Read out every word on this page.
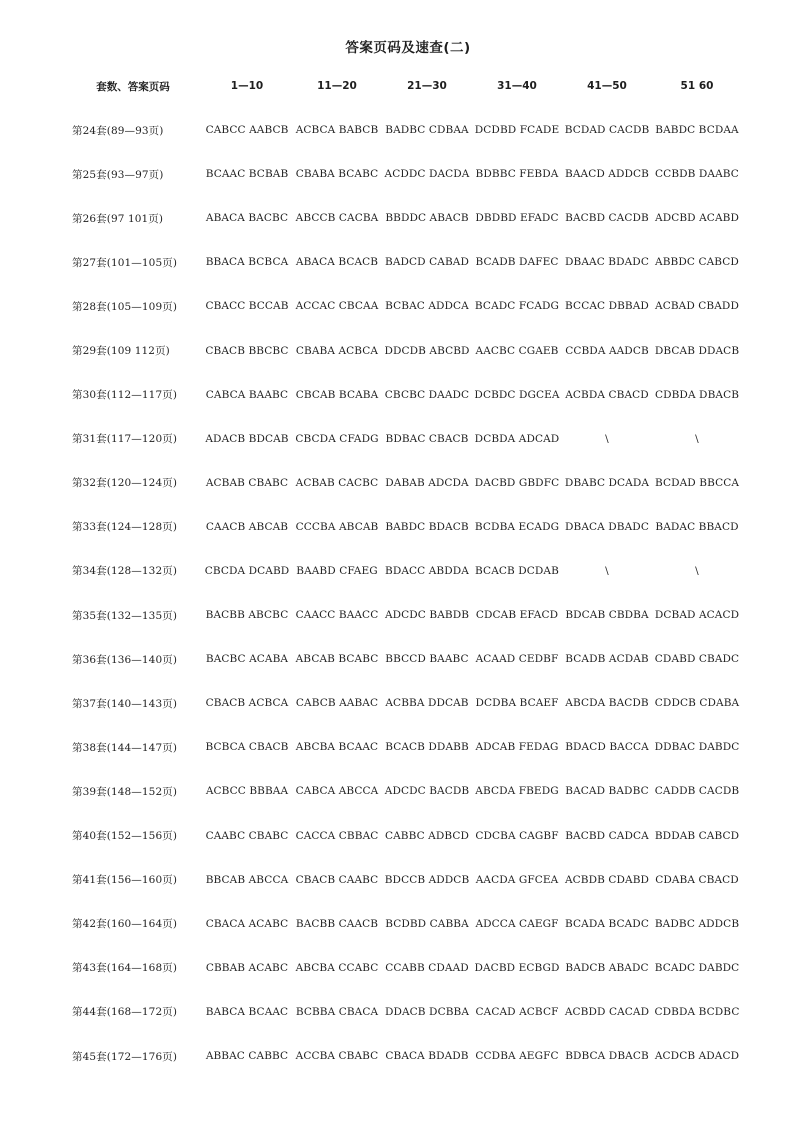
答案页码及速查(二)
套数、答案页码	1—10	11—20	21—30	31—40	41—50	51 60
第24套(89—93页)	CABCC AABCB	ACBCA BABCB	BADBC CDBAA	DCDBD FCADE	BCDAD CACDB	BABDC BCDAA
第25套(93—97页)	BCAAC BCBAB	CBABA BCABC	ACDDC DACDA	BDBBC FEBDA	BAACD ADDCB	CCBDB DAABC
第26套(97 101页)	ABACA BACBC	ABCCB CACBA	BBDDC ABACB	DBDBD EFADC	BACBD CACDB	ADCBD ACABD
第27套(101—105页)	BBACA BCBCA	ABACA BCACB	BADCD CABAD	BCADB DAFEC	DBAAC BDADC	ABBDC CABCD
第28套(105—109页)	CBACC BCCAB	ACCAC CBCAA	BCBAC ADDCA	BCADC FCADG	BCCAC DBBAD	ACBAD CBADD
第29套(109 112页)	CBACB BBCBC	CBABA ACBCA	DDCDB ABCBD	AACBC CGAEB	CCBDA AADCB	DBCAB DDACB
第30套(112—117页)	CABCA BAABC	CBCAB BCABA	CBCBC DAADC	DCBDC DGCEA	ACBDA CBACD	CDBDA DBACB
第31套(117—120页)	ADACB BDCAB	CBCDA CFADG	BDBAC CBACB	DCBDA ADCAD	\	\
第32套(120—124页)	ACBAB CBABC	ACBAB CACBC	DABAB ADCDA	DACBD GBDFC	DBABC DCADA	BCDAD BBCCA
第33套(124—128页)	CAACB ABCAB	CCCBA ABCAB	BABDC BDACB	BCDBA ECADG	DBACA DBADC	BADAC BBACD
第34套(128—132页)	CBCDA DCABD	BAABD CFAEG	BDACC ABDDA	BCACB DCDAB	\	\
第35套(132—135页)	BACBB ABCBC	CAACC BAACC	ADCDC BABDB	CDCAB EFACD	BDCAB CBDBA	DCBAD ACACD
第36套(136—140页)	BACBC ACABA	ABCAB BCABC	BBCCD BAABC	ACAAD CEDBF	BCADB ACDAB	CDABD CBADC
第37套(140—143页)	CBACB ACBCA	CABCB AABAC	ACBBA DDCAB	DCDBA BCAEF	ABCDA BACDB	CDDCB CDABA
第38套(144—147页)	BCBCA CBACB	ABCBA BCAAC	BCACB DDABB	ADCAB FEDAG	BDACD BACCA	DDBAC DABDC
第39套(148—152页)	ACBCC BBBAA	CABCA ABCCA	ADCDC BACDB	ABCDA FBEDG	BACAD BADBC	CADDB CACDB
第40套(152—156页)	CAABC CBABC	CACCA CBBAC	CABBC ADBCD	CDCBA CAGBF	BACBD CADCA	BDDAB CABCD
第41套(156—160页)	BBCAB ABCCA	CBACB CAABC	BDCCB ADDCB	AACDA GFCEA	ACBDB CDABD	CDABA CBACD
第42套(160—164页)	CBACA ACABC	BACBB CAACB	BCDBD CABBA	ADCCA CAEGF	BCADA BCADC	BADBC ADDCB
第43套(164—168页)	CBBAB ACABC	ABCBA CCABC	CCABB CDAAD	DACBD ECBGD	BADCB ABADC	BCADC DABDC
第44套(168—172页)	BABCA BCAAC	BCBBA CBACA	DDACB DCBBA	CACAD ACBCF	ACBDD CACAD	CDBDA BCDBC
第45套(172—176页)	ABBAC CABBC	ACCBA CBABC	CBACA BDADB	CCDBA AEGFC	BDBCA DBACB	ACDCB ADACD
